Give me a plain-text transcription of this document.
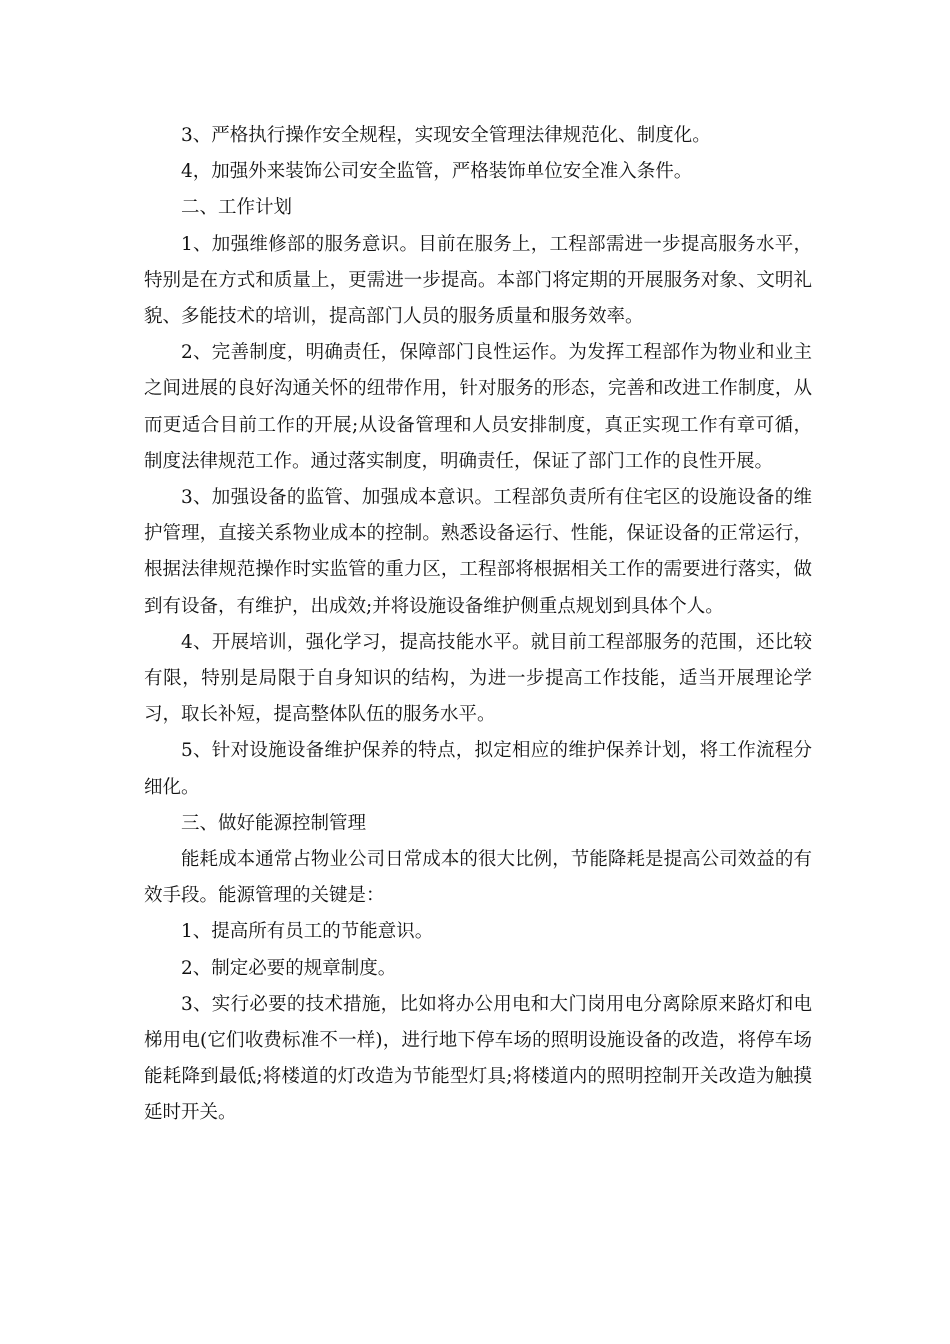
3、严格执行操作安全规程，实现安全管理法律规范化、制度化。

4，加强外来装饰公司安全监管，严格装饰单位安全准入条件。

二、工作计划

1、加强维修部的服务意识。目前在服务上，工程部需进一步提高服务水平，特别是在方式和质量上，更需进一步提高。本部门将定期的开展服务对象、文明礼貌、多能技术的培训，提高部门人员的服务质量和服务效率。

2、完善制度，明确责任，保障部门良性运作。为发挥工程部作为物业和业主之间进展的良好沟通关怀的纽带作用，针对服务的形态，完善和改进工作制度，从而更适合目前工作的开展;从设备管理和人员安排制度，真正实现工作有章可循，制度法律规范工作。通过落实制度，明确责任，保证了部门工作的良性开展。

3、加强设备的监管、加强成本意识。工程部负责所有住宅区的设施设备的维护管理，直接关系物业成本的控制。熟悉设备运行、性能，保证设备的正常运行，根据法律规范操作时实监管的重力区，工程部将根据相关工作的需要进行落实，做到有设备，有维护，出成效;并将设施设备维护侧重点规划到具体个人。

4、开展培训，强化学习，提高技能水平。就目前工程部服务的范围，还比较有限，特别是局限于自身知识的结构，为进一步提高工作技能，适当开展理论学习，取长补短，提高整体队伍的服务水平。

5、针对设施设备维护保养的特点，拟定相应的维护保养计划，将工作流程分细化。

三、做好能源控制管理

能耗成本通常占物业公司日常成本的很大比例，节能降耗是提高公司效益的有效手段。能源管理的关键是：

1、提高所有员工的节能意识。

2、制定必要的规章制度。

3、实行必要的技术措施，比如将办公用电和大门岗用电分离除原来路灯和电梯用电(它们收费标准不一样)，进行地下停车场的照明设施设备的改造，将停车场能耗降到最低;将楼道的灯改造为节能型灯具;将楼道内的照明控制开关改造为触摸延时开关。
